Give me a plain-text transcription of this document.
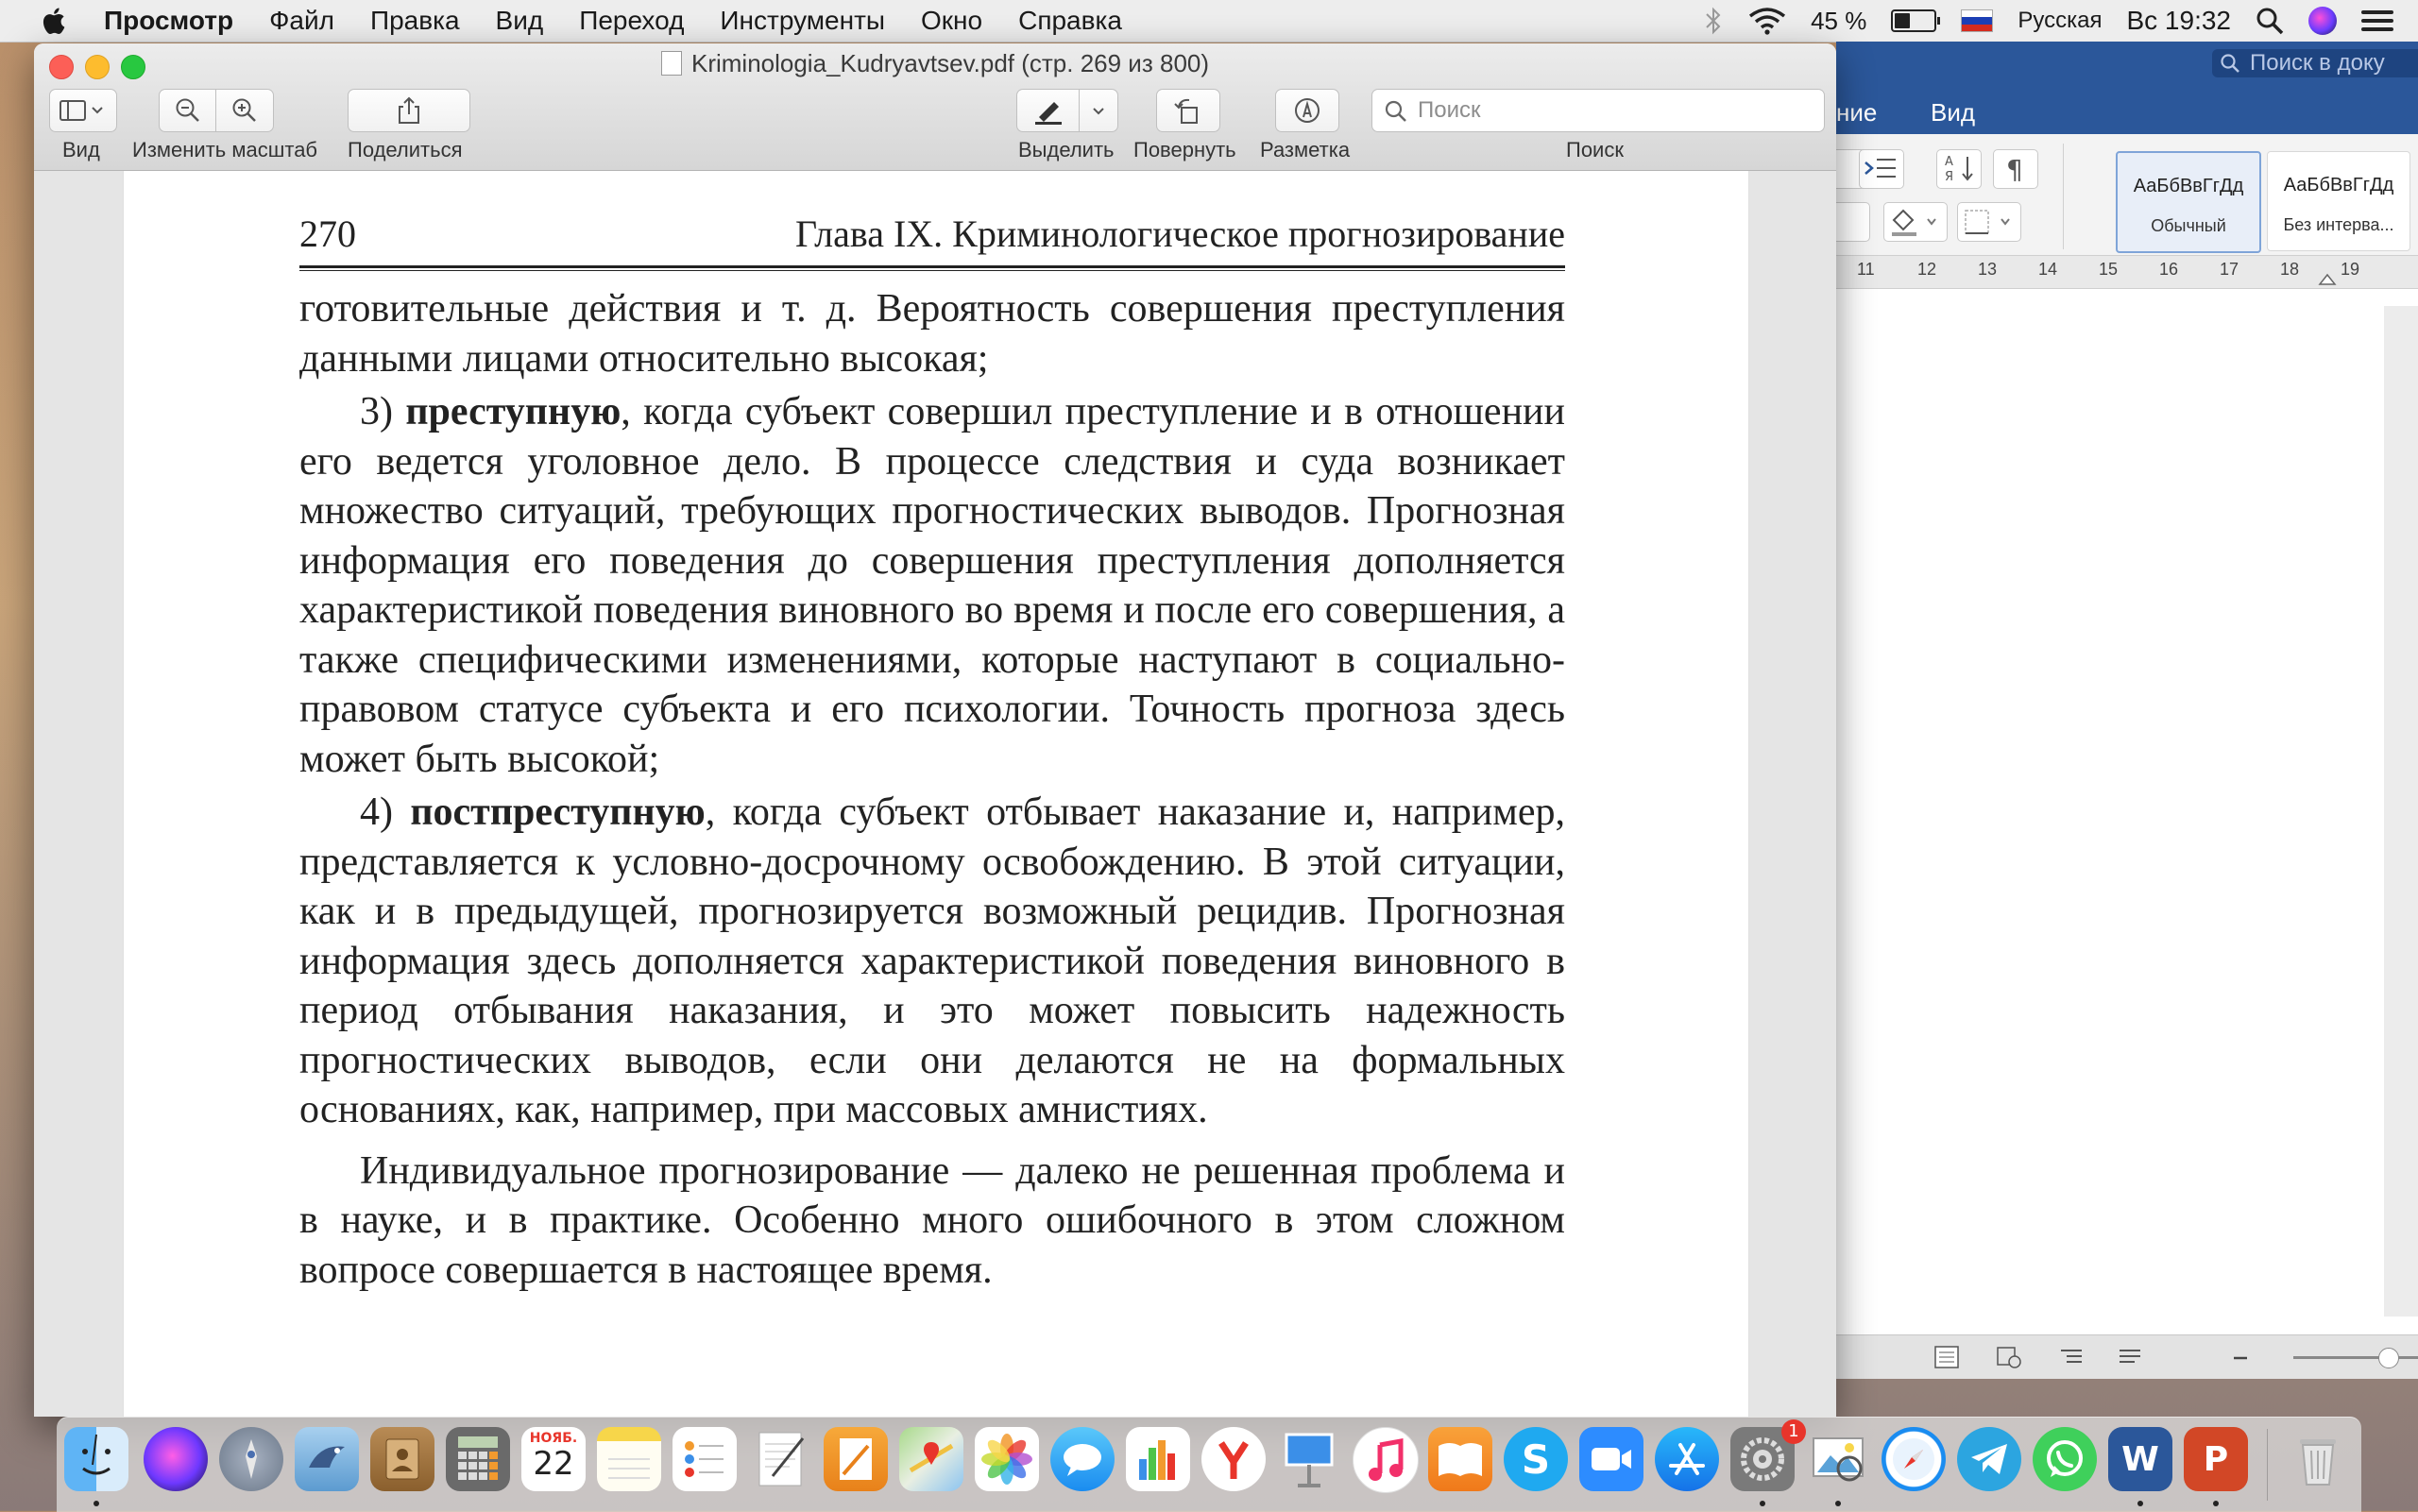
Просмотр Файл Правка Вид Переход Инструменты Окно Справка	45 %	Русская Вс 19:32
Поиск в доку
ние Вид
A
Я ¶
АаБбВвГгДд
Обычный
АаБбВвГгДд
Без интерва...
11	12 13 14 15 16 17 18 19
Kriminologia_Kudryavtsev.pdf (стр. 269 из 800)
Вид Изменить масштаб Поделиться	Выделить Повернуть Разметка
Поиск
Поиск
270	Глава IX. Криминологическое прогнозирование

готовительные действия и т. д. Вероятность совершения преступления данными лицами относительно высокая;

3) преступную, когда субъект совершил преступление и в отношении его ведется уголовное дело. В процессе следствия и суда возникает множество ситуаций, требующих прогностических выводов. Прогнозная информация его поведения до совершения преступления дополняется характеристикой поведения виновного во время и после его совершения, а также специфическими изменениями, которые наступают в социально-правовом статусе субъекта и его психологии. Точность прогноза здесь может быть высокой;

4) постпреступную, когда субъект отбывает наказание и, например, представляется к условно-досрочному освобождению. В этой ситуации, как и в предыдущей, прогнозируется возможный рецидив. Прогнозная информация здесь дополняется характеристикой поведения виновного в период отбывания наказания, и это может повысить надежность прогностических выводов, если они делаются не на формальных основаниях, как, например, при массовых амнистиях.

Индивидуальное прогнозирование — далеко не решенная проблема и в науке, и в практике. Особенно много ошибочного в этом сложном вопросе совершается в настоящее время.

НОЯБ.
22	S
1
W	P
